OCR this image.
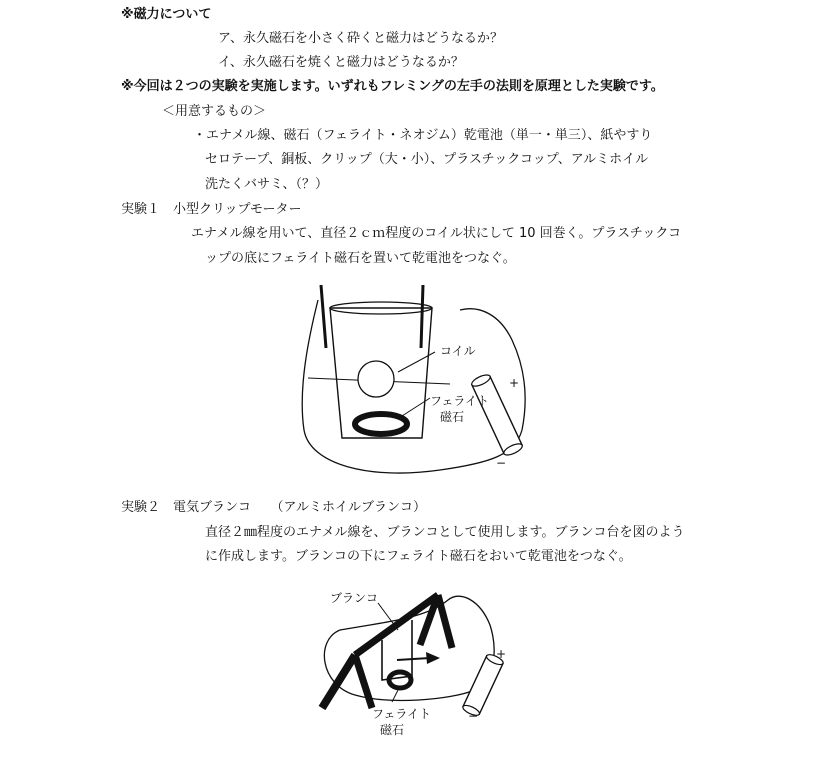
※磁力について
ア、永久磁石を小さく砕くと磁力はどうなるか？
イ、永久磁石を焼くと磁力はどうなるか？
※今回は２つの実験を実施します。いずれもフレミングの左手の法則を原理とした実験です。
＜用意するもの＞
・エナメル線、磁石（フェライト・ネオジム）乾電池（単一・単三）、紙やすり
セロテープ、銅板、クリップ（大・小）、プラスチックコップ、アルミホイル
洗たくバサミ、（？）
実験１　小型クリップモーター
エナメル線を用いて、直径２ｃｍ程度のコイル状にして 10 回巻く。プラスチックコ
ップの底にフェライト磁石を置いて乾電池をつなぐ。
コイル
フェライト
磁石
+
−
実験２　電気ブランコ　　（アルミホイルブランコ）
直径２㎜程度のエナメル線を、ブランコとして使用します。ブランコ台を図のよう
に作成します。ブランコの下にフェライト磁石をおいて乾電池をつなぐ。
ブランコ
フェライト
磁石
+
−
